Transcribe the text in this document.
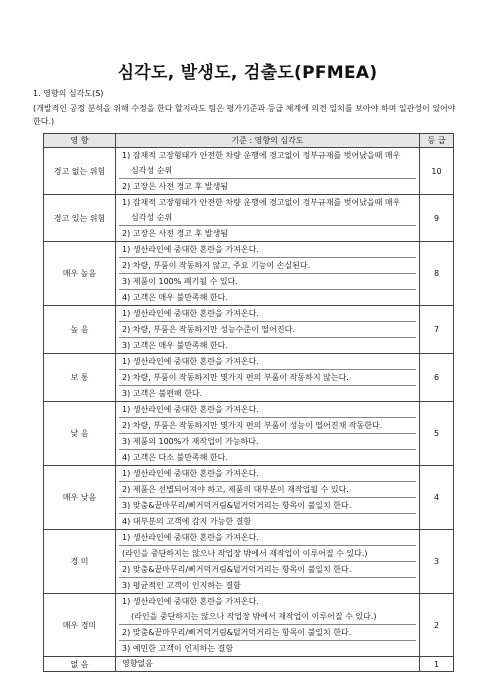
심각도, 발생도, 검출도(PFMEA)
1. 영향의 심각도(S)
(개발적인 공정 분석을 위해 수정을 한다 할지라도 팀은 평가기준과 등급 체계에 의견 일치를 보아야 하며 일관성이 있어야 한다.)
영 향	기준 : 영향의 심각도	등 급
경고 없는 위험	1) 잠재적 고장형태가 안전한 차량 운행에 경고없이 정부규재를 벗어났을때 매우
심각성 순위
2) 고장은 사전 경고 후 발생됨	10
경고 있는 위험	1) 잠재적 고장형태가 안전한 차량 운행에 경고없이 정부규재를 벗어났을때 매우
심각성 순위
2) 고장은 사전 경고 후 발생됨	9
매우 높음	1) 생산라인에 중대한 혼란을 가져온다.
2) 차량, 부품이 작동하지 않고, 주요 기능이 손실된다.
3) 제품이 100% 폐기될 수 있다.
4) 고객은 매우 불만족해 한다.	8
높 음	1) 생산라인에 중대한 혼란을 가져온다.
2) 차량, 부품은 작동하지만 성능수준이 떨어진다.
3) 고객은 매우 불만족해 한다.	7
보 통	1) 생산라인에 중대한 혼란을 가져온다.
2) 차량, 부품이 작동하지만 몇가지 편의 부품이 작동하지 않는다.
3) 고객은 불편해 한다.	6
낮 음	1) 생산라인에 중대한 혼란을 가져온다.
2) 차량, 부품은 작동하지만 몇가지 편의 부품이 성능이 떨어진채 작동한다.
3) 제품의 100%가 재작업이 가능하다.
4) 고객은 다소 불만족해 한다.	5
매우 낮음	1) 생산라인에 중대한 혼란을 가져온다.
2) 제품은 선별되어져야 하고, 제품의 대부분이 재작업될 수 있다.
3) 맞춤&끝마무리/삐거덕거림&덜거덕거리는 항목이 불일치 한다.
4) 대부분의 고객에 감지 가능한 결함	4
경 미	1) 생산라인에 중대한 혼란을 가져온다.
(라인을 중단하지는 않으나 작업장 밖에서 재작업이 이루어질 수 있다.)
2) 맞춤&끝마무리/삐거덕거림&덜거덕거리는 항목이 불일치 한다.
3) 평균적인 고객이 인지하는 결함	3
매우 경미	1) 생산라인에 중대한 혼란을 가져온다.
(라인을 중단하지는 않으나 작업장 밖에서 재작업이 이루어질 수 있다.)
2) 맞춤&끝마무리/삐거덕거림&덜거덕거리는 항목이 불일치 한다.
3) 예민한 고객이 인지하는 결함	2
없 음	영향없음	1
